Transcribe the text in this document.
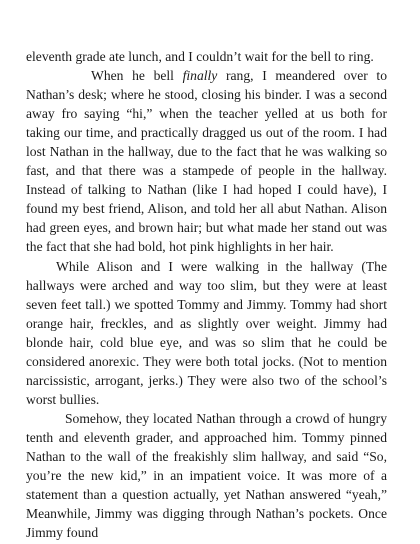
eleventh grade ate lunch, and I couldn’t wait for the bell to ring.

When he bell finally rang, I meandered over to Nathan’s desk; where he stood, closing his binder. I was a second away fro saying “hi,” when the teacher yelled at us both for taking our time, and practically dragged us out of the room. I had lost Nathan in the hallway, due to the fact that he was walking so fast, and that there was a stampede of people in the hallway. Instead of talking to Nathan (like I had hoped I could have), I found my best friend, Alison, and told her all abut Nathan. Alison had green eyes, and brown hair; but what made her stand out was the fact that she had bold, hot pink highlights in her hair.

While Alison and I were walking in the hallway (The hallways were arched and way too slim, but they were at least seven feet tall.) we spotted Tommy and Jimmy. Tommy had short orange hair, freckles, and as slightly over weight. Jimmy had blonde hair, cold blue eye, and was so slim that he could be considered anorexic. They were both total jocks. (Not to mention narcissistic, arrogant, jerks.) They were also two of the school’s worst bullies.

Somehow, they located Nathan through a crowd of hungry tenth and eleventh grader, and approached him. Tommy pinned Nathan to the wall of the freakishly slim hallway, and said “So, you’re the new kid,” in an impatient voice. It was more of a statement than a question actually, yet Nathan answered “yeah,” Meanwhile, Jimmy was digging through Nathan’s pockets. Once Jimmy found
